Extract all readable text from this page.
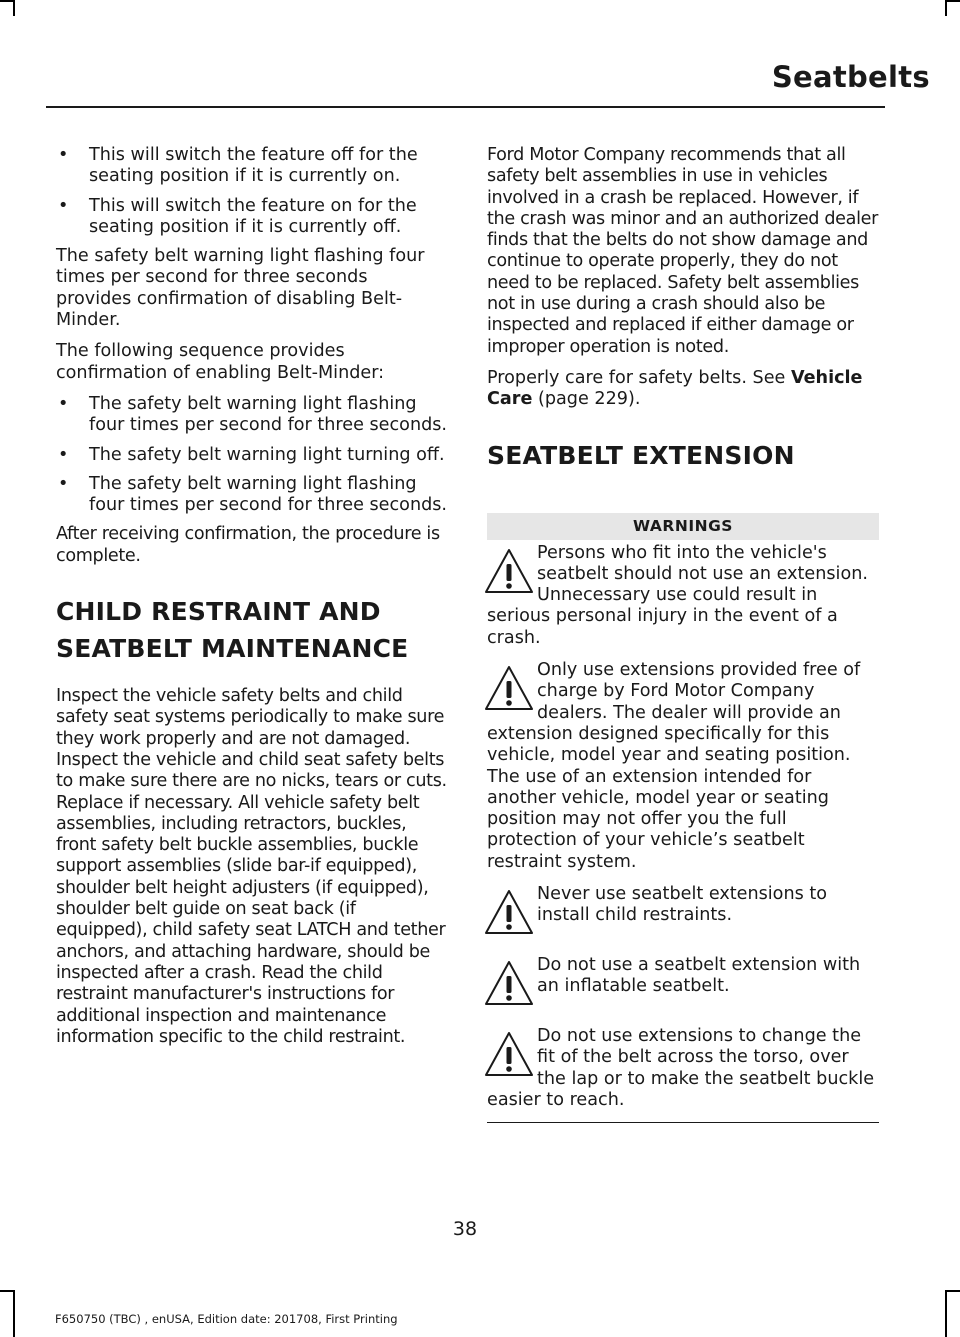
Seatbelts
• This will switch the feature off for the seating position if it is currently on.
• This will switch the feature on for the seating position if it is currently off.

The safety belt warning light flashing four times per second for three seconds provides confirmation of disabling Belt-Minder.

The following sequence provides confirmation of enabling Belt-Minder:

• The safety belt warning light flashing four times per second for three seconds.
• The safety belt warning light turning off.
• The safety belt warning light flashing four times per second for three seconds.

After receiving confirmation, the procedure is complete.

CHILD RESTRAINT AND
SEATBELT MAINTENANCE

Inspect the vehicle safety belts and child safety seat systems periodically to make sure they work properly and are not damaged. Inspect the vehicle and child seat safety belts to make sure there are no nicks, tears or cuts. Replace if necessary. All vehicle safety belt assemblies, including retractors, buckles, front safety belt buckle assemblies, buckle support assemblies (slide bar-if equipped), shoulder belt height adjusters (if equipped), shoulder belt guide on seat back (if equipped), child safety seat LATCH and tether anchors, and attaching hardware, should be inspected after a crash. Read the child restraint manufacturer's instructions for additional inspection and maintenance information specific to the child restraint.

Ford Motor Company recommends that all safety belt assemblies in use in vehicles involved in a crash be replaced. However, if the crash was minor and an authorized dealer finds that the belts do not show damage and continue to operate properly, they do not need to be replaced. Safety belt assemblies not in use during a crash should also be inspected and replaced if either damage or improper operation is noted.

Properly care for safety belts. See Vehicle Care (page 229).

SEATBELT EXTENSION
WARNINGS
Persons who fit into the vehicle's seatbelt should not use an extension. Unnecessary use could result in serious personal injury in the event of a crash.
Only use extensions provided free of charge by Ford Motor Company dealers. The dealer will provide an extension designed specifically for this vehicle, model year and seating position. The use of an extension intended for another vehicle, model year or seating position may not offer you the full protection of your vehicle’s seatbelt restraint system.
Never use seatbelt extensions to install child restraints.
Do not use a seatbelt extension with an inflatable seatbelt.
Do not use extensions to change the fit of the belt across the torso, over the lap or to make the seatbelt buckle easier to reach.
38
F650750 (TBC) , enUSA, Edition date: 201708, First Printing
